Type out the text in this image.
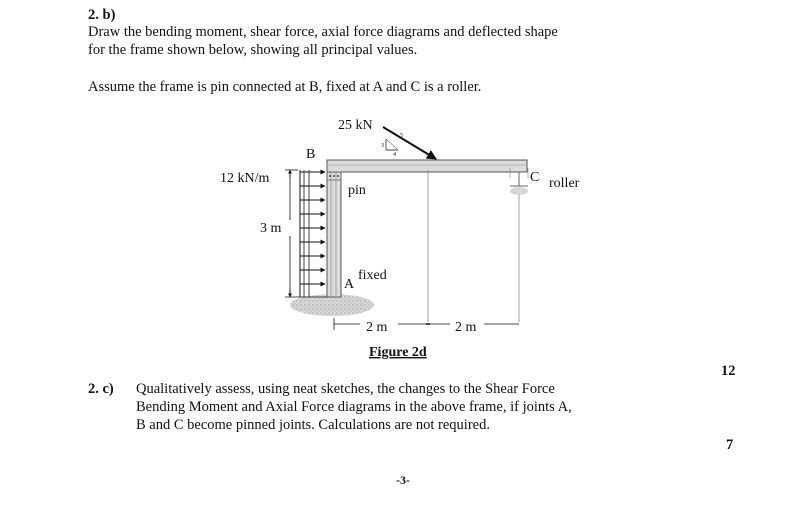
2. b)
Draw the bending moment, shear force, axial force diagrams and deflected shape
for the frame shown below, showing all principal values.
Assume the frame is pin connected at B, fixed at A and C is a roller.
25 kN
5
3
4
B
C roller
12 kN/m
pin
3 m
fixed
A
2 m	2 m
Figure 2d
12
7
2. c) Qualitatively assess, using neat sketches, the changes to the Shear Force
Bending Moment and Axial Force diagrams in the above frame, if joints A,
B and C become pinned joints. Calculations are not required.
-3-
